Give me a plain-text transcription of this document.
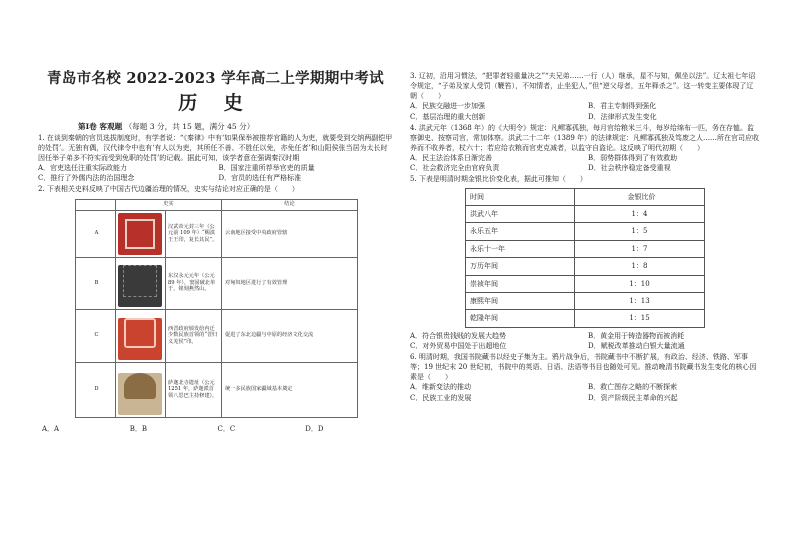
青岛市名校 2022-2023 学年高二上学期期中考试
历 史
第Ⅰ卷 客观题 （每题 3 分，共 15 题，满分 45 分）

1. 在谈到秦朝的官员选拔制度时，有学者说：“《秦律》中有‘如果保举被推荐官籍的人为吏，就要受到交纳两副铠甲的处罚’。无独有偶，汉代律令中也有‘有人以为吏，其所任不善、不胜任以免，亦免任者’和山阳侯张当居为太长时因任举子弟多不符实而受到免职的处罚’的记载。据此可知，该学者意在强调秦汉时期

A．官吏选任注重实际政能力	B．国家注重所荐举官吏的质量
C．推行了外儒内法的治国理念	D．官员的选任有严格标准

2. 下表相关史料反映了中国古代边疆治理的情况，史实与结论对应正确的是（　　）

	史实		结论
A		汉武帝元封三年（公元前 109 年）“赐滇王王印，复长其民”。	云南地区接受中央政府管辖
B		东汉永元元年（公元 89 年），窦固破北单于，铭刻燕然山。	对匈奴地区进行了有效管理
C		西晋政府颁发给内迁少数民族首领的“晋归义羌侯”印。	促进了东北边疆与中原的经济文化交流
D		萨迦北寺遗址（公元 1251 年，萨迦派首领八思巴主持修建）。	统一多民族国家疆域基本奠定
A．A	B．B	C．C	D．D

3. 辽初，沿用习惯法，“把罪者轻重量决之”“夫兄弟……一行（人）继承，星不与知，佩坐以法”。辽太祖七年诏令规定，“子弟及家人受罚（鞭笞），不知情者，止坐犯人，”但“逆父母者，五年释杀之”。这一转变主要体现了辽朝（　　）

A．民族交融进一步加强	B．君主专制得到强化
C．基层治理的重大创新	D．法律形式发生变化

4. 洪武元年（1368 年）的《大明令》规定：凡鳏寡孤独，每月官给粮米三斗，每岁给绵布一匹，务在存恤。监察御史、按察司官，常加体察。洪武二十二年（1389 年）的法律规定：凡鳏寡孤独及笃废之人……所在官司应收养而不收养者，杖六十；若应给衣粮而官吏克减者，以监守自盗论。这反映了明代初期（　　）

A．民主法治体系日渐完善	B．弱势群体得到了有效救助
C．社会救济完全由官府负责	D．社会秩序稳定备受重视

5. 下表是明清时期金银比价变化表，据此可推知（　　）

时间	金银比价
洪武八年	1：4
永乐五年	1：5
永乐十一年	1：7
万历年间	1：8
崇祯年间	1：10
康熙年间	1：13
乾隆年间	1：15
A．符合银贵钱贱的发展大趋势	B．黄金用于铸造器物而被消耗
C．对外贸易中国处于出超地位	D．赋税改革推动白银大量流通

6. 明清时期，我国书院藏书以经史子集为主。鸦片战争后，书院藏书中不断扩展，有政治、经济、铁路、军事等；19 世纪末 20 世纪初，书院中的英语、日语、法语等书目也随处可见。推动晚清书院藏书发生变化的核心因素是（　　）

A．维新变法的推动	B．救亡图存之略的不断探索
C．民族工业的发展	D．资产阶级民主革命的兴起
